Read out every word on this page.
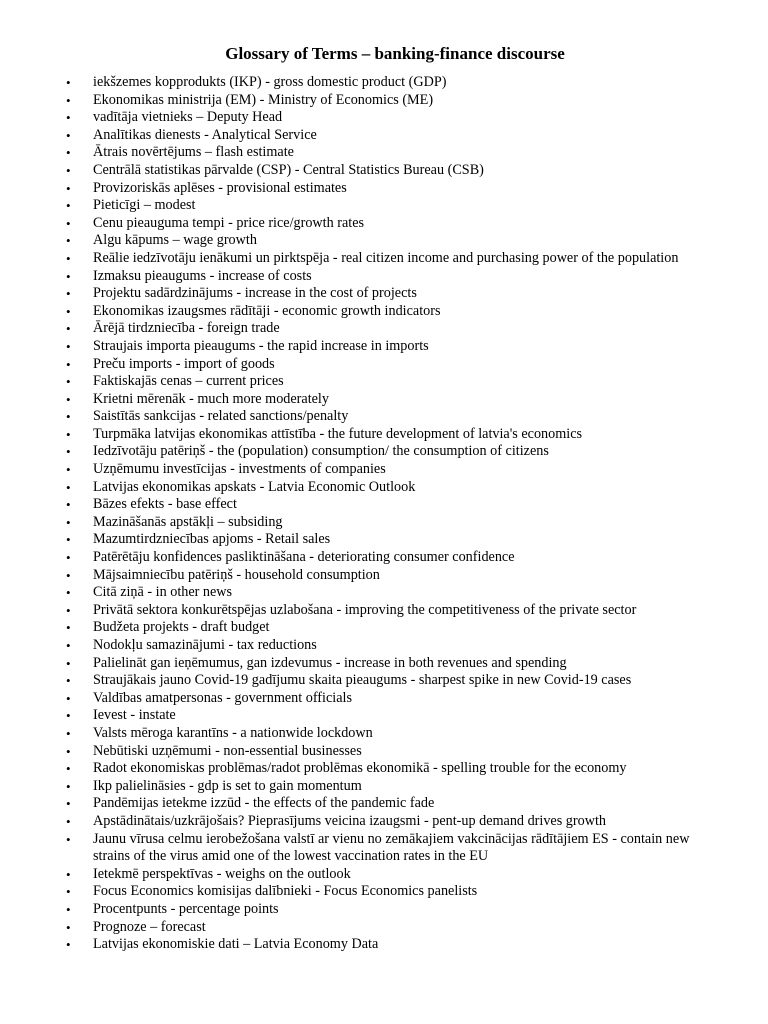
Glossary of Terms – banking-finance discourse
• iekšzemes kopprodukts (IKP) - gross domestic product (GDP)
• Ekonomikas ministrija (EM) - Ministry of Economics (ME)
• vadītāja vietnieks – Deputy Head
• Analītikas dienests - Analytical Service
• Ātrais novērtējums – flash estimate
• Centrālā statistikas pārvalde (CSP) - Central Statistics Bureau (CSB)
• Provizoriskās aplēses - provisional estimates
• Pieticīgi – modest
• Cenu pieauguma tempi - price rice/growth rates
• Algu kāpums – wage growth
• Reālie iedzīvotāju ienākumi un pirktspēja - real citizen income and purchasing power of the population
• Izmaksu pieaugums - increase of costs
• Projektu sadārdzinājums - increase in the cost of projects
• Ekonomikas izaugsmes rādītāji - economic growth indicators
• Ārējā tirdzniecība - foreign trade
• Straujais importa pieaugums - the rapid increase in imports
• Preču imports - import of goods
• Faktiskajās cenas – current prices
• Krietni mērenāk - much more moderately
• Saistītās sankcijas - related sanctions/penalty
• Turpmāka latvijas ekonomikas attīstība - the future development of latvia's economics
• Iedzīvotāju patēriņš - the (population) consumption/ the consumption of citizens
• Uzņēmumu investīcijas - investments of companies
• Latvijas ekonomikas apskats - Latvia Economic Outlook
• Bāzes efekts - base effect
• Mazināšanās apstākļi – subsiding
• Mazumtirdzniecības apjoms - Retail sales
• Patērētāju konfidences pasliktināšana - deteriorating consumer confidence
• Mājsaimniecību patēriņš - household consumption
• Citā ziņā - in other news
• Privātā sektora konkurētspējas uzlabošana - improving the competitiveness of the private sector
• Budžeta projekts - draft budget
• Nodokļu samazinājumi - tax reductions
• Palielināt gan ieņēmumus, gan izdevumus - increase in both revenues and spending
• Straujākais jauno Covid-19 gadījumu skaita pieaugums - sharpest spike in new Covid-19 cases
• Valdības amatpersonas - government officials
• Ievest - instate
• Valsts mēroga karantīns - a nationwide lockdown
• Nebūtiski uzņēmumi - non-essential businesses
• Radot ekonomiskas problēmas/radot problēmas ekonomikā - spelling trouble for the economy
• Ikp palielināsies - gdp is set to gain momentum
• Pandēmijas ietekme izzūd - the effects of the pandemic fade
• Apstādinātais/uzkrājošais? Pieprasījums veicina izaugsmi - pent-up demand drives growth
• Jaunu vīrusa celmu ierobežošana valstī ar vienu no zemākajiem vakcinācijas rādītājiem ES - contain new strains of the virus amid one of the lowest vaccination rates in the EU
• Ietekmē perspektīvas - weighs on the outlook
• Focus Economics komisijas dalībnieki - Focus Economics panelists
• Procentpunts - percentage points
• Prognoze – forecast
• Latvijas ekonomiskie dati – Latvia Economy Data
